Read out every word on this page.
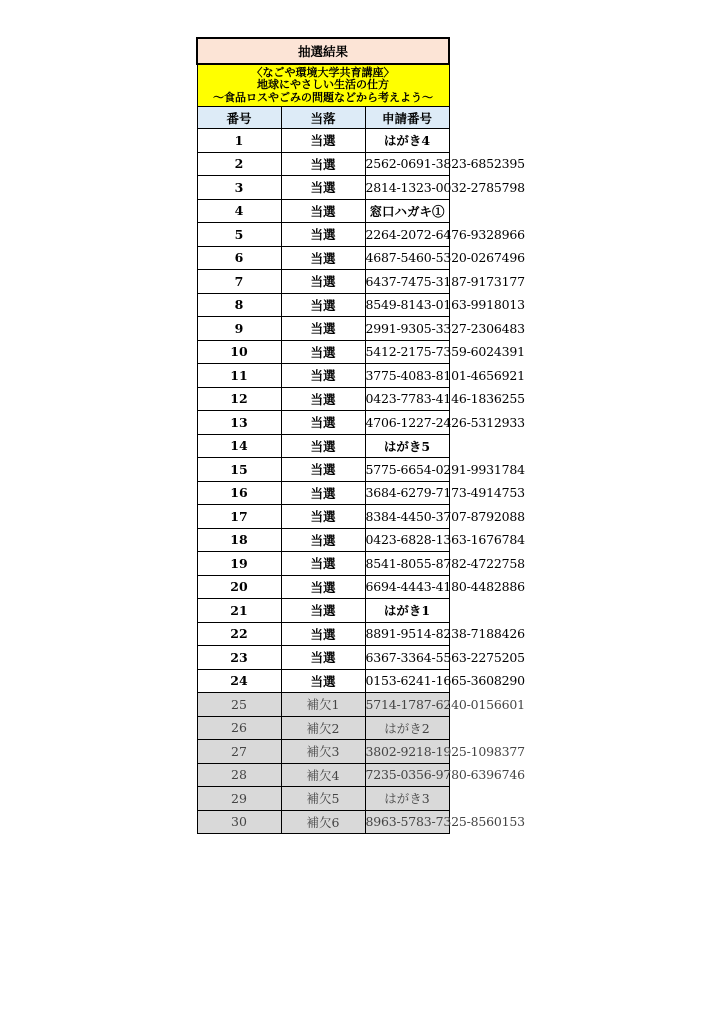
抽選結果		

〈なごや環境大学共育講座〉
地球にやさしい生活の仕方
～食品ロスやごみの問題などから考えよう～		

番号	当落	申請番号
1	当選	はがき4
2	当選	2562-0691-3823-6852395
3	当選	2814-1323-0032-2785798
4	当選	窓口ハガキ①
5	当選	2264-2072-6476-9328966
6	当選	4687-5460-5320-0267496
7	当選	6437-7475-3187-9173177
8	当選	8549-8143-0163-9918013
9	当選	2991-9305-3327-2306483
10	当選	5412-2175-7359-6024391
11	当選	3775-4083-8101-4656921
12	当選	0423-7783-4146-1836255
13	当選	4706-1227-2426-5312933
14	当選	はがき5
15	当選	5775-6654-0291-9931784
16	当選	3684-6279-7173-4914753
17	当選	8384-4450-3707-8792088
18	当選	0423-6828-1363-1676784
19	当選	8541-8055-8782-4722758
20	当選	6694-4443-4180-4482886
21	当選	はがき1
22	当選	8891-9514-8238-7188426
23	当選	6367-3364-5563-2275205
24	当選	0153-6241-1665-3608290
25	補欠1	5714-1787-6240-0156601
26	補欠2	はがき2
27	補欠3	3802-9218-1925-1098377
28	補欠4	7235-0356-9780-6396746
29	補欠5	はがき3
30	補欠6	8963-5783-7325-8560153
